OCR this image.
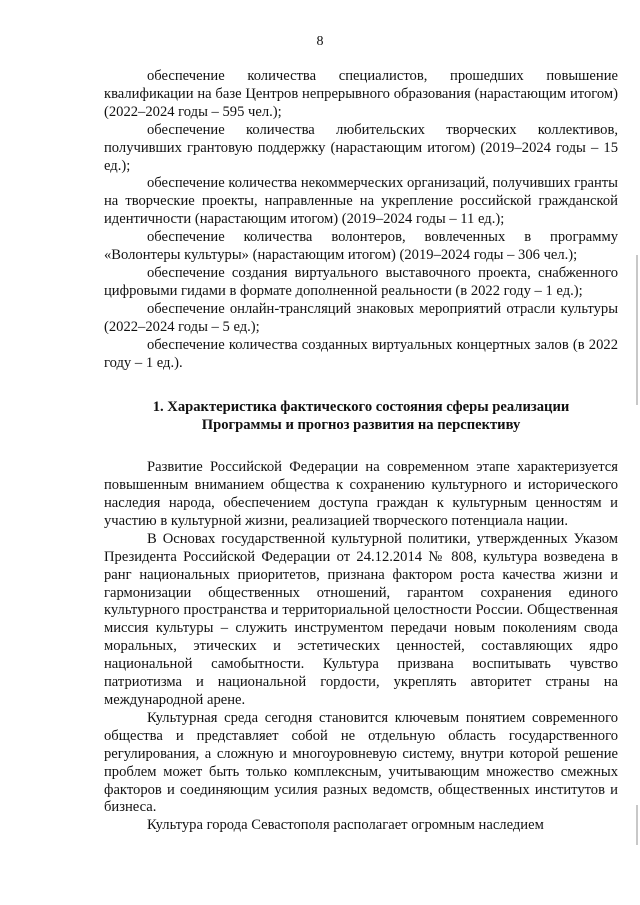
8

обеспечение количества специалистов, прошедших повышение квалификации на базе Центров непрерывного образования (нарастающим итогом) (2022–2024 годы – 595 чел.);

обеспечение количества любительских творческих коллективов, получивших грантовую поддержку (нарастающим итогом) (2019–2024 годы – 15 ед.);

обеспечение количества некоммерческих организаций, получивших гранты на творческие проекты, направленные на укрепление российской гражданской идентичности (нарастающим итогом) (2019–2024 годы – 11 ед.);

обеспечение количества волонтеров, вовлеченных в программу «Волонтеры культуры» (нарастающим итогом) (2019–2024 годы – 306 чел.);

обеспечение создания виртуального выставочного проекта, снабженного цифровыми гидами в формате дополненной реальности (в 2022 году – 1 ед.);

обеспечение онлайн-трансляций знаковых мероприятий отрасли культуры (2022–2024 годы – 5 ед.);

обеспечение количества созданных виртуальных концертных залов (в 2022 году – 1 ед.).

1. Характеристика фактического состояния сферы реализации
Программы и прогноз развития на перспективу

Развитие Российской Федерации на современном этапе характеризуется повышенным вниманием общества к сохранению культурного и исторического наследия народа, обеспечением доступа граждан к культурным ценностям и участию в культурной жизни, реализацией творческого потенциала нации.

В Основах государственной культурной политики, утвержденных Указом Президента Российской Федерации от 24.12.2014 № 808, культура возведена в ранг национальных приоритетов, признана фактором роста качества жизни и гармонизации общественных отношений, гарантом сохранения единого культурного пространства и территориальной целостности России. Общественная миссия культуры – служить инструментом передачи новым поколениям свода моральных, этических и эстетических ценностей, составляющих ядро национальной самобытности. Культура призвана воспитывать чувство патриотизма и национальной гордости, укреплять авторитет страны на международной арене.

Культурная среда сегодня становится ключевым понятием современного общества и представляет собой не отдельную область государственного регулирования, а сложную и многоуровневую систему, внутри которой решение проблем может быть только комплексным, учитывающим множество смежных факторов и соединяющим усилия разных ведомств, общественных институтов и бизнеса.

Культура города Севастополя располагает огромным наследием
